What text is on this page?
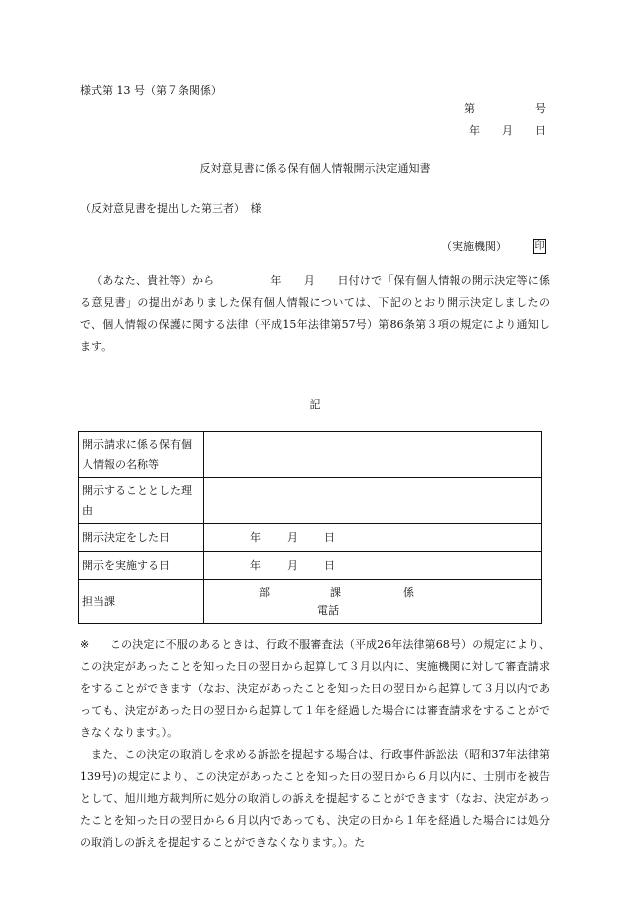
様式第 13 号（第７条関係）
第	号
年 月 日
反対意見書に係る保有個人情報開示決定通知書
（反対意見書を提出した第三者）　様
（実施機関）	印
（あなた、貴社等）から　　　　　年　　月　　日付けで「保有個人情報の開示決定等に係る意見書」の提出がありました保有個人情報については、下記のとおり開示決定しましたので、個人情報の保護に関する法律（平成15年法律第57号）第86条第３項の規定により通知します。
記
開示請求に係る保有個人情報の名称等	
開示することとした理由	
開示決定をした日	年 月 日
開示を実施する日	年 月 日
担当課	部 課 係
電話

※	この決定に不服のあるときは、行政不服審査法（平成26年法律第68号）の規定により、この決定があったことを知った日の翌日から起算して３月以内に、実施機関に対して審査請求をすることができます（なお、決定があったことを知った日の翌日から起算して３月以内であっても、決定があった日の翌日から起算して１年を経過した場合には審査請求をすることができなくなります。）。

また、この決定の取消しを求める訴訟を提起する場合は、行政事件訴訟法（昭和37年法律第 139号)の規定により、この決定があったことを知った日の翌日から６月以内に、士別市を被告として、旭川地方裁判所に処分の取消しの訴えを提起することができます（なお、決定があったことを知った日の翌日から６月以内であっても、決定の日から１年を経過した場合には処分の取消しの訴えを提起することができなくなります。）。た
